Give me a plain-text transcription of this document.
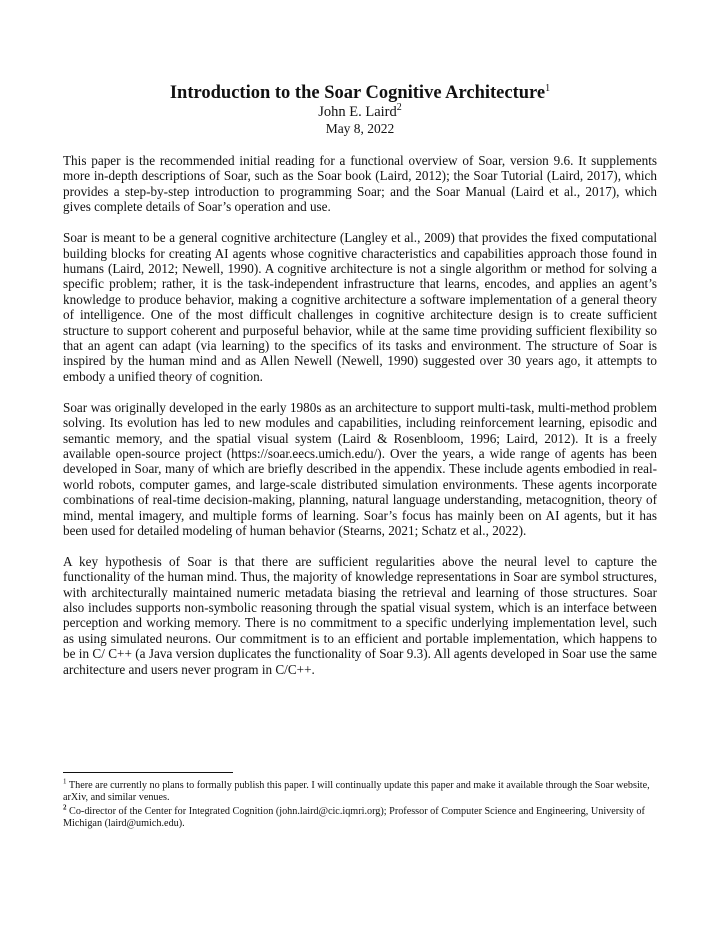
Introduction to the Soar Cognitive Architecture$^1$
John E. Laird$^2$
May 8, 2022

This paper is the recommended initial reading for a functional overview of Soar, version 9.6. It supplements more in-depth descriptions of Soar, such as the Soar book (Laird, 2012); the Soar Tutorial (Laird, 2017), which provides a step-by-step introduction to programming Soar; and the Soar Manual (Laird et al., 2017), which gives complete details of Soar’s operation and use.

Soar is meant to be a general cognitive architecture (Langley et al., 2009) that provides the fixed computational building blocks for creating AI agents whose cognitive characteristics and capabilities approach those found in humans (Laird, 2012; Newell, 1990). A cognitive architecture is not a single algorithm or method for solving a specific problem; rather, it is the task-independent infrastructure that learns, encodes, and applies an agent’s knowledge to produce behavior, making a cognitive architecture a software implementation of a general theory of intelligence. One of the most difficult challenges in cognitive architecture design is to create sufficient structure to support coherent and purposeful behavior, while at the same time providing sufficient flexibility so that an agent can adapt (via learning) to the specifics of its tasks and environment. The structure of Soar is inspired by the human mind and as Allen Newell (Newell, 1990) suggested over 30 years ago, it attempts to embody a unified theory of cognition.

Soar was originally developed in the early 1980s as an architecture to support multi-task, multi-method problem solving. Its evolution has led to new modules and capabilities, including reinforcement learning, episodic and semantic memory, and the spatial visual system (Laird & Rosenbloom, 1996; Laird, 2012). It is a freely available open-source project (https://soar.eecs.umich.edu/). Over the years, a wide range of agents has been developed in Soar, many of which are briefly described in the appendix. These include agents embodied in real-world robots, computer games, and large-scale distributed simulation environments. These agents incorporate combinations of real-time decision-making, planning, natural language understanding, metacognition, theory of mind, mental imagery, and multiple forms of learning. Soar’s focus has mainly been on AI agents, but it has been used for detailed modeling of human behavior (Stearns, 2021; Schatz et al., 2022).

A key hypothesis of Soar is that there are sufficient regularities above the neural level to capture the functionality of the human mind. Thus, the majority of knowledge representations in Soar are symbol structures, with architecturally maintained numeric metadata biasing the retrieval and learning of those structures. Soar also includes supports non-symbolic reasoning through the spatial visual system, which is an interface between perception and working memory. There is no commitment to a specific underlying implementation level, such as using simulated neurons. Our commitment is to an efficient and portable implementation, which happens to be in C/ C++ (a Java version duplicates the functionality of Soar 9.3). All agents developed in Soar use the same architecture and users never program in C/C++.

$^1$ There are currently no plans to formally publish this paper. I will continually update this paper and make it available through the Soar website, arXiv, and similar venues.

$^2$ Co-director of the Center for Integrated Cognition (john.laird@cic.iqmri.org); Professor of Computer Science and Engineering, University of Michigan (laird@umich.edu).
